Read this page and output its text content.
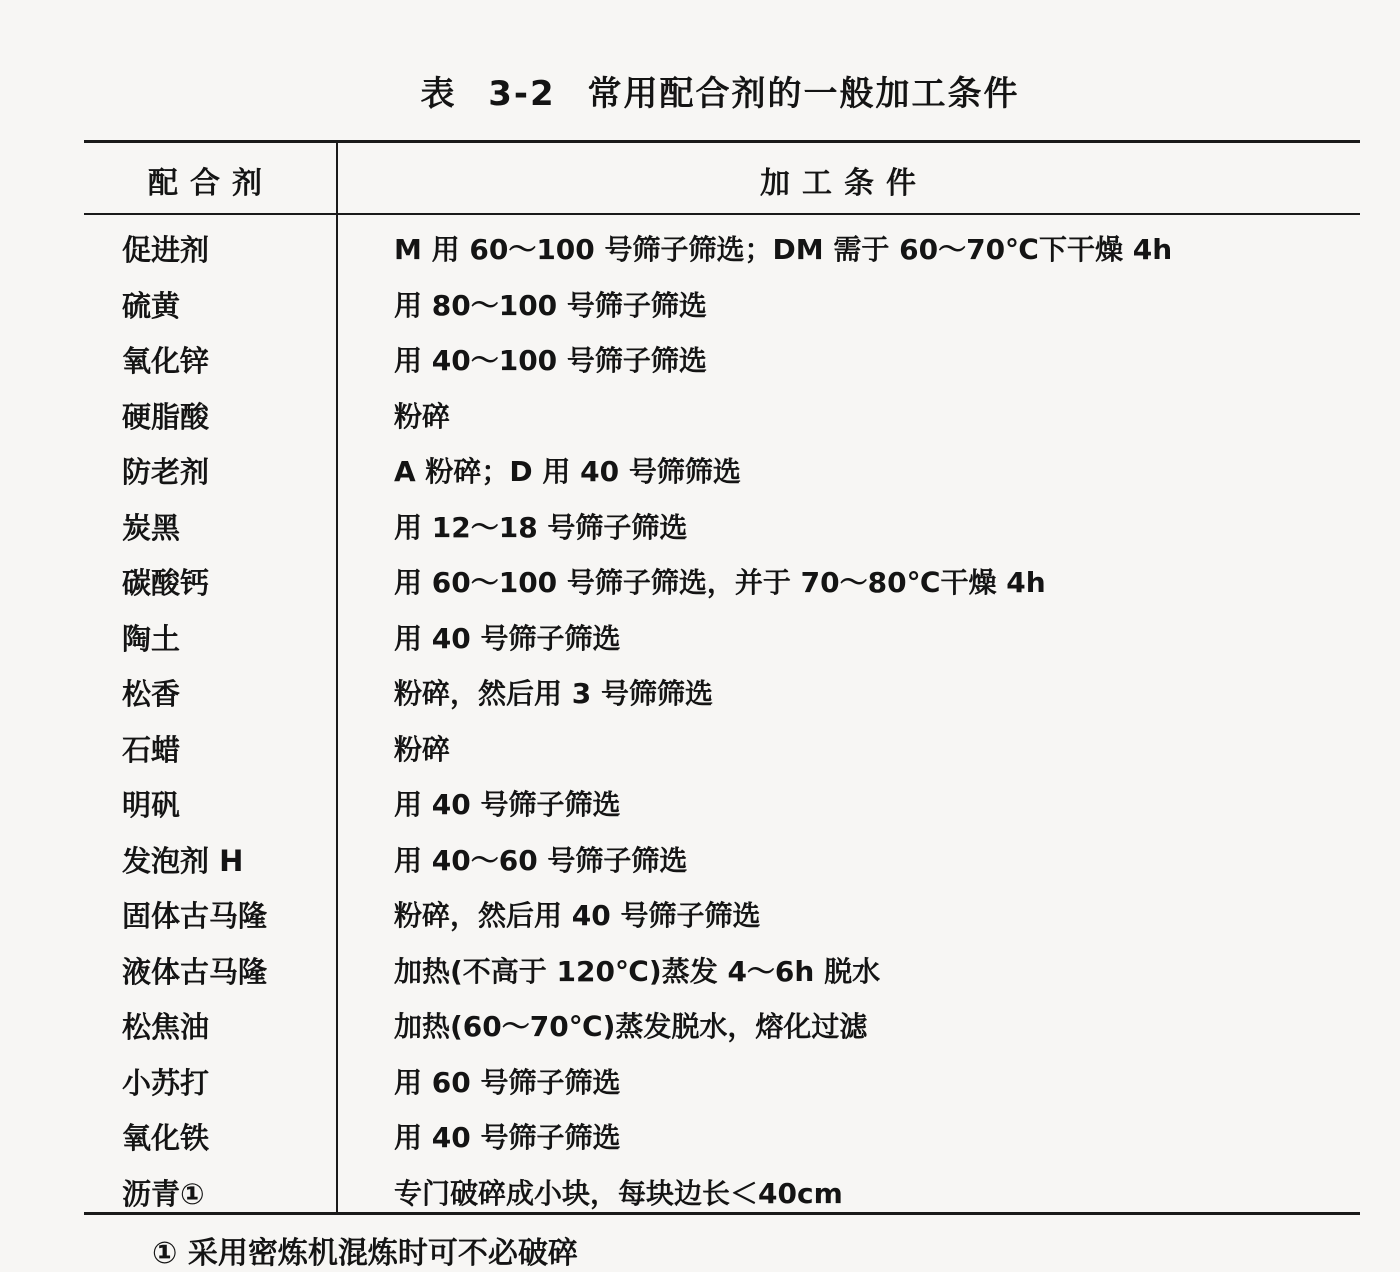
表 3-2 常用配合剂的一般加工条件
配合剂	加工条件
促进剂	M 用 60～100 号筛子筛选；DM 需于 60～70℃下干燥 4h
硫黄	用 80～100 号筛子筛选
氧化锌	用 40～100 号筛子筛选
硬脂酸	粉碎
防老剂	A 粉碎；D 用 40 号筛筛选
炭黑	用 12～18 号筛子筛选
碳酸钙	用 60～100 号筛子筛选，并于 70～80℃干燥 4h
陶土	用 40 号筛子筛选
松香	粉碎，然后用 3 号筛筛选
石蜡	粉碎
明矾	用 40 号筛子筛选
发泡剂 H	用 40～60 号筛子筛选
固体古马隆	粉碎，然后用 40 号筛子筛选
液体古马隆	加热(不高于 120℃)蒸发 4～6h 脱水
松焦油	加热(60～70℃)蒸发脱水，熔化过滤
小苏打	用 60 号筛子筛选
氧化铁	用 40 号筛子筛选
沥青①	专门破碎成小块，每块边长＜40cm
① 采用密炼机混炼时可不必破碎
